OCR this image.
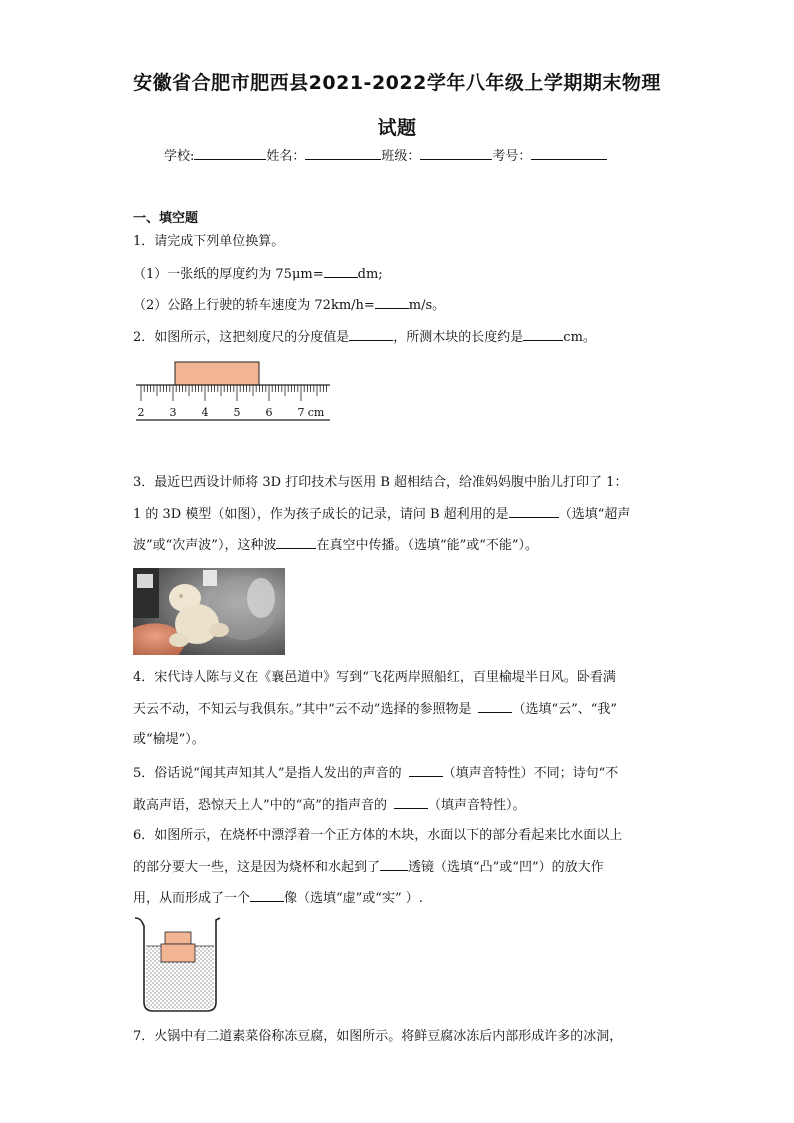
安徽省合肥市肥西县2021-2022学年八年级上学期期末物理
试题
学校:	姓名：	班级：	考号：
一、填空题
1．请完成下列单位换算。
（1）一张纸的厚度约为 75μm=	dm;
（2）公路上行驶的轿车速度为 72km/h=	m/s。
2．如图所示，这把刻度尺的分度值是	，所测木块的长度约是	cm。
2 3 4 5 6 7 cm
3．最近巴西设计师将 3D 打印技术与医用 B 超相结合，给准妈妈腹中胎儿打印了 1：
1 的 3D 模型（如图），作为孩子成长的记录，请问 B 超利用的是	（选填“超声
波”或“次声波”），这种波	在真空中传播。（选填“能”或“不能”）。
4．宋代诗人陈与义在《襄邑道中》写到“飞花两岸照船红，百里榆堤半日风。卧看满
天云不动，不知云与我俱东。”其中“云不动”选择的参照物是	（选填“云”、“我”
或“榆堤”）。
5．俗话说“闻其声知其人”是指人发出的声音的	（填声音特性）不同；诗句“不
敢高声语，恐惊天上人”中的“高”的指声音的	（填声音特性）。
6．如图所示，在烧杯中漂浮着一个正方体的木块，水面以下的部分看起来比水面以上
的部分要大一些，这是因为烧杯和水起到了 透镜（选填“凸”或“凹”）的放大作
用，从而形成了一个	像（选填“虚”或“实” ）.
7．火锅中有二道素菜俗称冻豆腐，如图所示。将鲜豆腐冰冻后内部形成许多的冰洞，
